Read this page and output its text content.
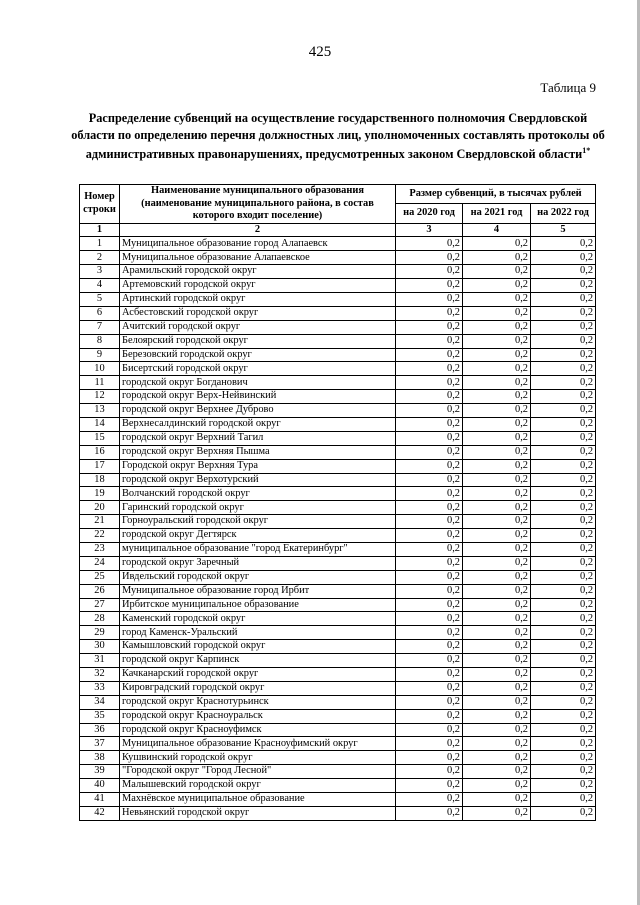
425
Таблица 9
Распределение субвенций на осуществление государственного полномочия Свердловской области по определению перечня должностных лиц, уполномоченных составлять протоколы об административных правонарушениях, предусмотренных законом Свердловской области$^{1*}$
Номер строки	Наименование муниципального образования (наименование муниципального района, в состав которого входит поселение)	Размер субвенций, в тысячах рублей		
		на 2020 год	на 2021 год	на 2022 год
1	2	3	4	5
1	Муниципальное образование город Алапаевск	0,2	0,2	0,2
2	Муниципальное образование Алапаевское	0,2	0,2	0,2
3	Арамильский городской округ	0,2	0,2	0,2
4	Артемовский городской округ	0,2	0,2	0,2
5	Артинский городской округ	0,2	0,2	0,2
6	Асбестовский городской округ	0,2	0,2	0,2
7	Ачитский городской округ	0,2	0,2	0,2
8	Белоярский городской округ	0,2	0,2	0,2
9	Березовский городской округ	0,2	0,2	0,2
10	Бисертский городской округ	0,2	0,2	0,2
11	городской округ Богданович	0,2	0,2	0,2
12	городской округ Верх-Нейвинский	0,2	0,2	0,2
13	городской округ Верхнее Дуброво	0,2	0,2	0,2
14	Верхнесалдинский городской округ	0,2	0,2	0,2
15	городской округ Верхний Тагил	0,2	0,2	0,2
16	городской округ Верхняя Пышма	0,2	0,2	0,2
17	Городской округ Верхняя Тура	0,2	0,2	0,2
18	городской округ Верхотурский	0,2	0,2	0,2
19	Волчанский городской округ	0,2	0,2	0,2
20	Гаринский городской округ	0,2	0,2	0,2
21	Горноуральский городской округ	0,2	0,2	0,2
22	городской округ Дегтярск	0,2	0,2	0,2
23	муниципальное образование "город Екатеринбург"	0,2	0,2	0,2
24	городской округ Заречный	0,2	0,2	0,2
25	Ивдельский городской округ	0,2	0,2	0,2
26	Муниципальное образование город Ирбит	0,2	0,2	0,2
27	Ирбитское муниципальное образование	0,2	0,2	0,2
28	Каменский городской округ	0,2	0,2	0,2
29	город Каменск-Уральский	0,2	0,2	0,2
30	Камышловский городской округ	0,2	0,2	0,2
31	городской округ Карпинск	0,2	0,2	0,2
32	Качканарский городской округ	0,2	0,2	0,2
33	Кировградский городской округ	0,2	0,2	0,2
34	городской округ Краснотурьинск	0,2	0,2	0,2
35	городской округ Красноуральск	0,2	0,2	0,2
36	городской округ Красноуфимск	0,2	0,2	0,2
37	Муниципальное образование Красноуфимский округ	0,2	0,2	0,2
38	Кушвинский городской округ	0,2	0,2	0,2
39	"Городской округ "Город Лесной"	0,2	0,2	0,2
40	Малышевский городской округ	0,2	0,2	0,2
41	Махнёвское муниципальное образование	0,2	0,2	0,2
42	Невьянский городской округ	0,2	0,2	0,2
